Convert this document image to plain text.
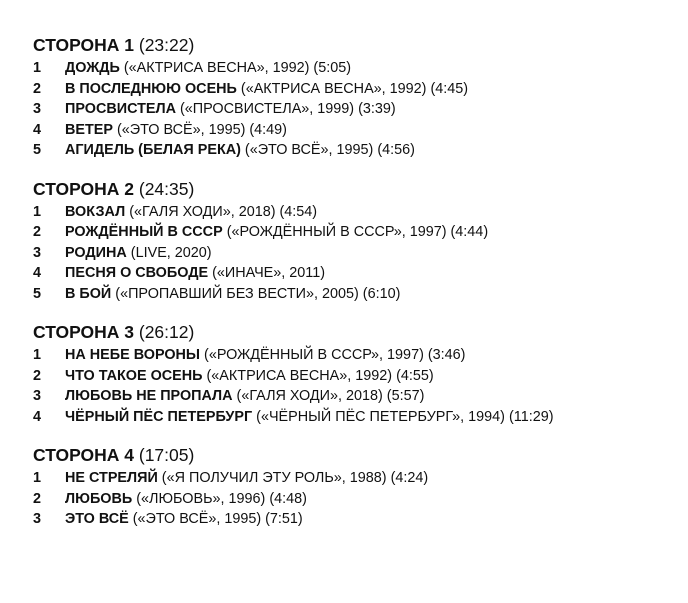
СТОРОНА 1 (23:22)
1	ДОЖДЬ («АКТРИСА ВЕСНА», 1992) (5:05)
2	В ПОСЛЕДНЮЮ ОСЕНЬ («АКТРИСА ВЕСНА», 1992) (4:45)
3	ПРОСВИСТЕЛА («ПРОСВИСТЕЛА», 1999) (3:39)
4	ВЕТЕР («ЭТО ВСЁ», 1995) (4:49)
5	АГИДЕЛЬ (БЕЛАЯ РЕКА) («ЭТО ВСЁ», 1995) (4:56)
СТОРОНА 2 (24:35)
1	ВОКЗАЛ («ГАЛЯ ХОДИ», 2018) (4:54)
2	РОЖДЁННЫЙ В СССР («РОЖДЁННЫЙ В СССР», 1997) (4:44)
3	РОДИНА (LIVE, 2020)
4	ПЕСНЯ О СВОБОДЕ («ИНАЧЕ», 2011)
5	В БОЙ («ПРОПАВШИЙ БЕЗ ВЕСТИ», 2005) (6:10)
СТОРОНА 3 (26:12)
1	НА НЕБЕ ВОРОНЫ («РОЖДЁННЫЙ В СССР», 1997) (3:46)
2	ЧТО ТАКОЕ ОСЕНЬ («АКТРИСА ВЕСНА», 1992) (4:55)
3	ЛЮБОВЬ НЕ ПРОПАЛА («ГАЛЯ ХОДИ», 2018) (5:57)
4	ЧЁРНЫЙ ПЁС ПЕТЕРБУРГ («ЧЁРНЫЙ ПЁС ПЕТЕРБУРГ», 1994) (11:29)
СТОРОНА 4 (17:05)
1	НЕ СТРЕЛЯЙ («Я ПОЛУЧИЛ ЭТУ РОЛЬ», 1988) (4:24)
2	ЛЮБОВЬ («ЛЮБОВЬ», 1996) (4:48)
3	ЭТО ВСЁ («ЭТО ВСЁ», 1995) (7:51)
